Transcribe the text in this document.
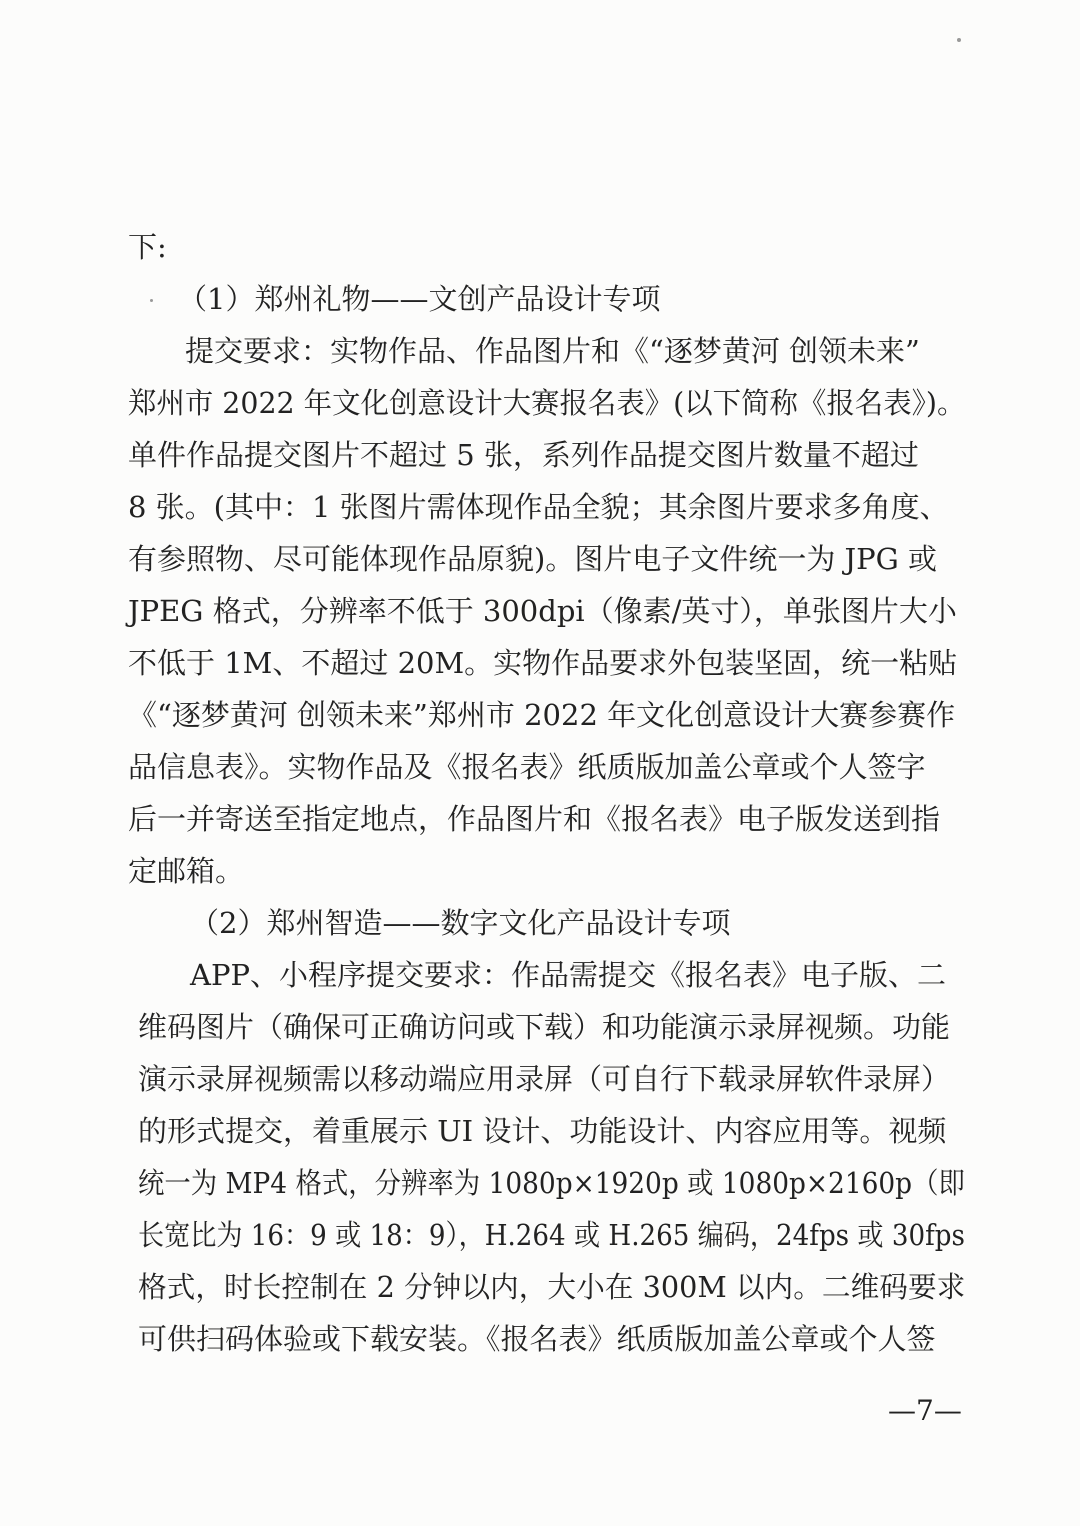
下:
（1）郑州礼物——文创产品设计专项
提交要求：实物作品、作品图片和《“逐梦黄河 创领未来”
郑州市 2022 年文化创意设计大赛报名表》(以下简称《报名表》)。
单件作品提交图片不超过 5 张，系列作品提交图片数量不超过
8 张。(其中：1 张图片需体现作品全貌；其余图片要求多角度、
有参照物、尽可能体现作品原貌)。图片电子文件统一为 JPG 或
JPEG 格式，分辨率不低于 300dpi（像素/英寸），单张图片大小
不低于 1M、不超过 20M。实物作品要求外包装坚固，统一粘贴
《“逐梦黄河 创领未来”郑州市 2022 年文化创意设计大赛参赛作
品信息表》。实物作品及《报名表》纸质版加盖公章或个人签字
后一并寄送至指定地点，作品图片和《报名表》电子版发送到指
定邮箱。
（2）郑州智造——数字文化产品设计专项
APP、小程序提交要求：作品需提交《报名表》电子版、二
维码图片（确保可正确访问或下载）和功能演示录屏视频。功能
演示录屏视频需以移动端应用录屏（可自行下载录屏软件录屏）
的形式提交，着重展示 UI 设计、功能设计、内容应用等。视频
统一为 MP4 格式，分辨率为 1080p×1920p 或 1080p×2160p（即
长宽比为 16：9 或 18：9），H.264 或 H.265 编码，24fps 或 30fps
格式，时长控制在 2 分钟以内，大小在 300M 以内。二维码要求
可供扫码体验或下载安装。《报名表》纸质版加盖公章或个人签
—7—
